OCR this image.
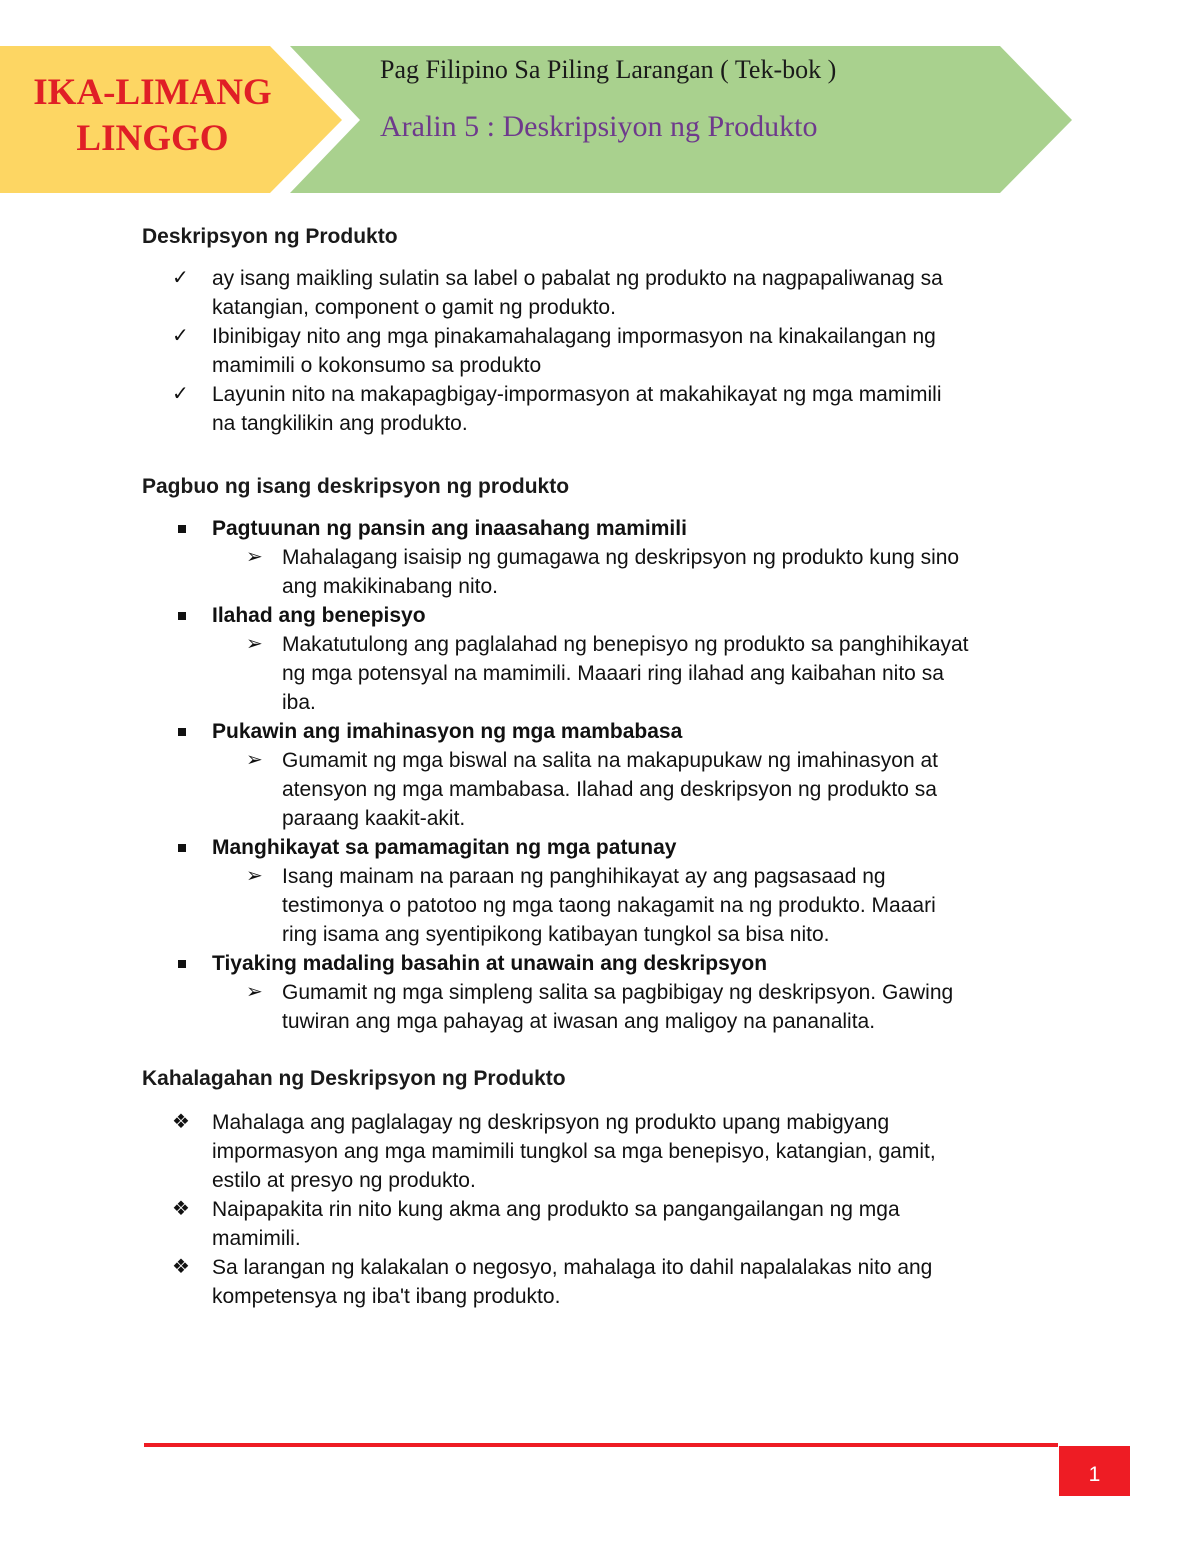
IKA-LIMANG
LINGGO
Pag Filipino Sa Piling Larangan ( Tek-bok )
Aralin 5 : Deskripsiyon ng Produkto
Deskripsyon ng Produkto
✓ ay isang maikling sulatin sa label o pabalat ng produkto na nagpapaliwanag sa
katangian, component o gamit ng produkto.
✓ Ibinibigay nito ang mga pinakamahalagang impormasyon na kinakailangan ng
mamimili o kokonsumo sa produkto
✓ Layunin nito na makapagbigay-impormasyon at makahikayat ng mga mamimili
na tangkilikin ang produkto.
Pagbuo ng isang deskripsyon ng produkto
Pagtuunan ng pansin ang inaasahang mamimili
➢ Mahalagang isaisip ng gumagawa ng deskripsyon ng produkto kung sino
ang makikinabang nito.
Ilahad ang benepisyo
➢ Makatutulong ang paglalahad ng benepisyo ng produkto sa panghihikayat
ng mga potensyal na mamimili. Maaari ring ilahad ang kaibahan nito sa
iba.
Pukawin ang imahinasyon ng mga mambabasa
➢ Gumamit ng mga biswal na salita na makapupukaw ng imahinasyon at
atensyon ng mga mambabasa. Ilahad ang deskripsyon ng produkto sa
paraang kaakit-akit.
Manghikayat sa pamamagitan ng mga patunay
➢ Isang mainam na paraan ng panghihikayat ay ang pagsasaad ng
testimonya o patotoo ng mga taong nakagamit na ng produkto. Maaari
ring isama ang syentipikong katibayan tungkol sa bisa nito.
Tiyaking madaling basahin at unawain ang deskripsyon
➢ Gumamit ng mga simpleng salita sa pagbibigay ng deskripsyon. Gawing
tuwiran ang mga pahayag at iwasan ang maligoy na pananalita.
Kahalagahan ng Deskripsyon ng Produkto
❖ Mahalaga ang paglalagay ng deskripsyon ng produkto upang mabigyang
impormasyon ang mga mamimili tungkol sa mga benepisyo, katangian, gamit,
estilo at presyo ng produkto.
❖ Naipapakita rin nito kung akma ang produkto sa pangangailangan ng mga
mamimili.
❖ Sa larangan ng kalakalan o negosyo, mahalaga ito dahil napalalakas nito ang
kompetensya ng iba't ibang produkto.
1
